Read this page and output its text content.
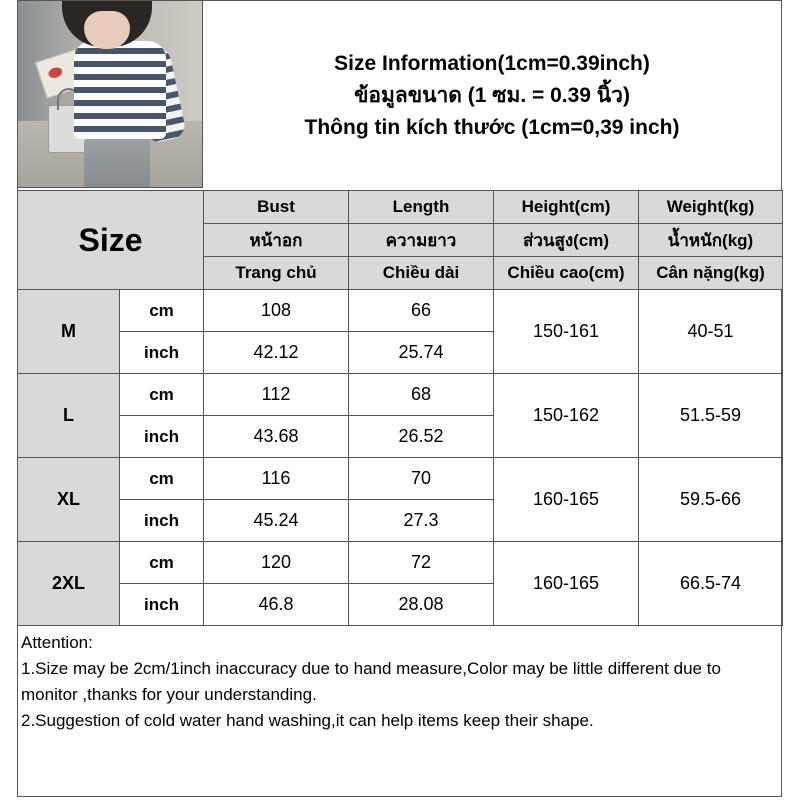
Size Information(1cm=0.39inch)
ข้อมูลขนาด (1 ซม. = 0.39 นิ้ว)
Thông tin kích thước (1cm=0,39 inch)
Size		Bust	Length	Height(cm)	Weight(kg)
		หน้าอก	ความยาว	ส่วนสูง(cm)	น้ำหนัก(kg)
		Trang chủ	Chiều dài	Chiều cao(cm)	Cân nặng(kg)
M	cm	108	66	150-161	40-51
	inch	42.12	25.74		
L	cm	112	68	150-162	51.5-59
	inch	43.68	26.52		
XL	cm	116	70	160-165	59.5-66
	inch	45.24	27.3		
2XL	cm	120	72	160-165	66.5-74
	inch	46.8	28.08		

Attention:

1.Size may be 2cm/1inch inaccuracy due to hand measure,Color may be little different due to monitor ,thanks for your understanding.

2.Suggestion of cold water hand washing,it can help items keep their shape.
